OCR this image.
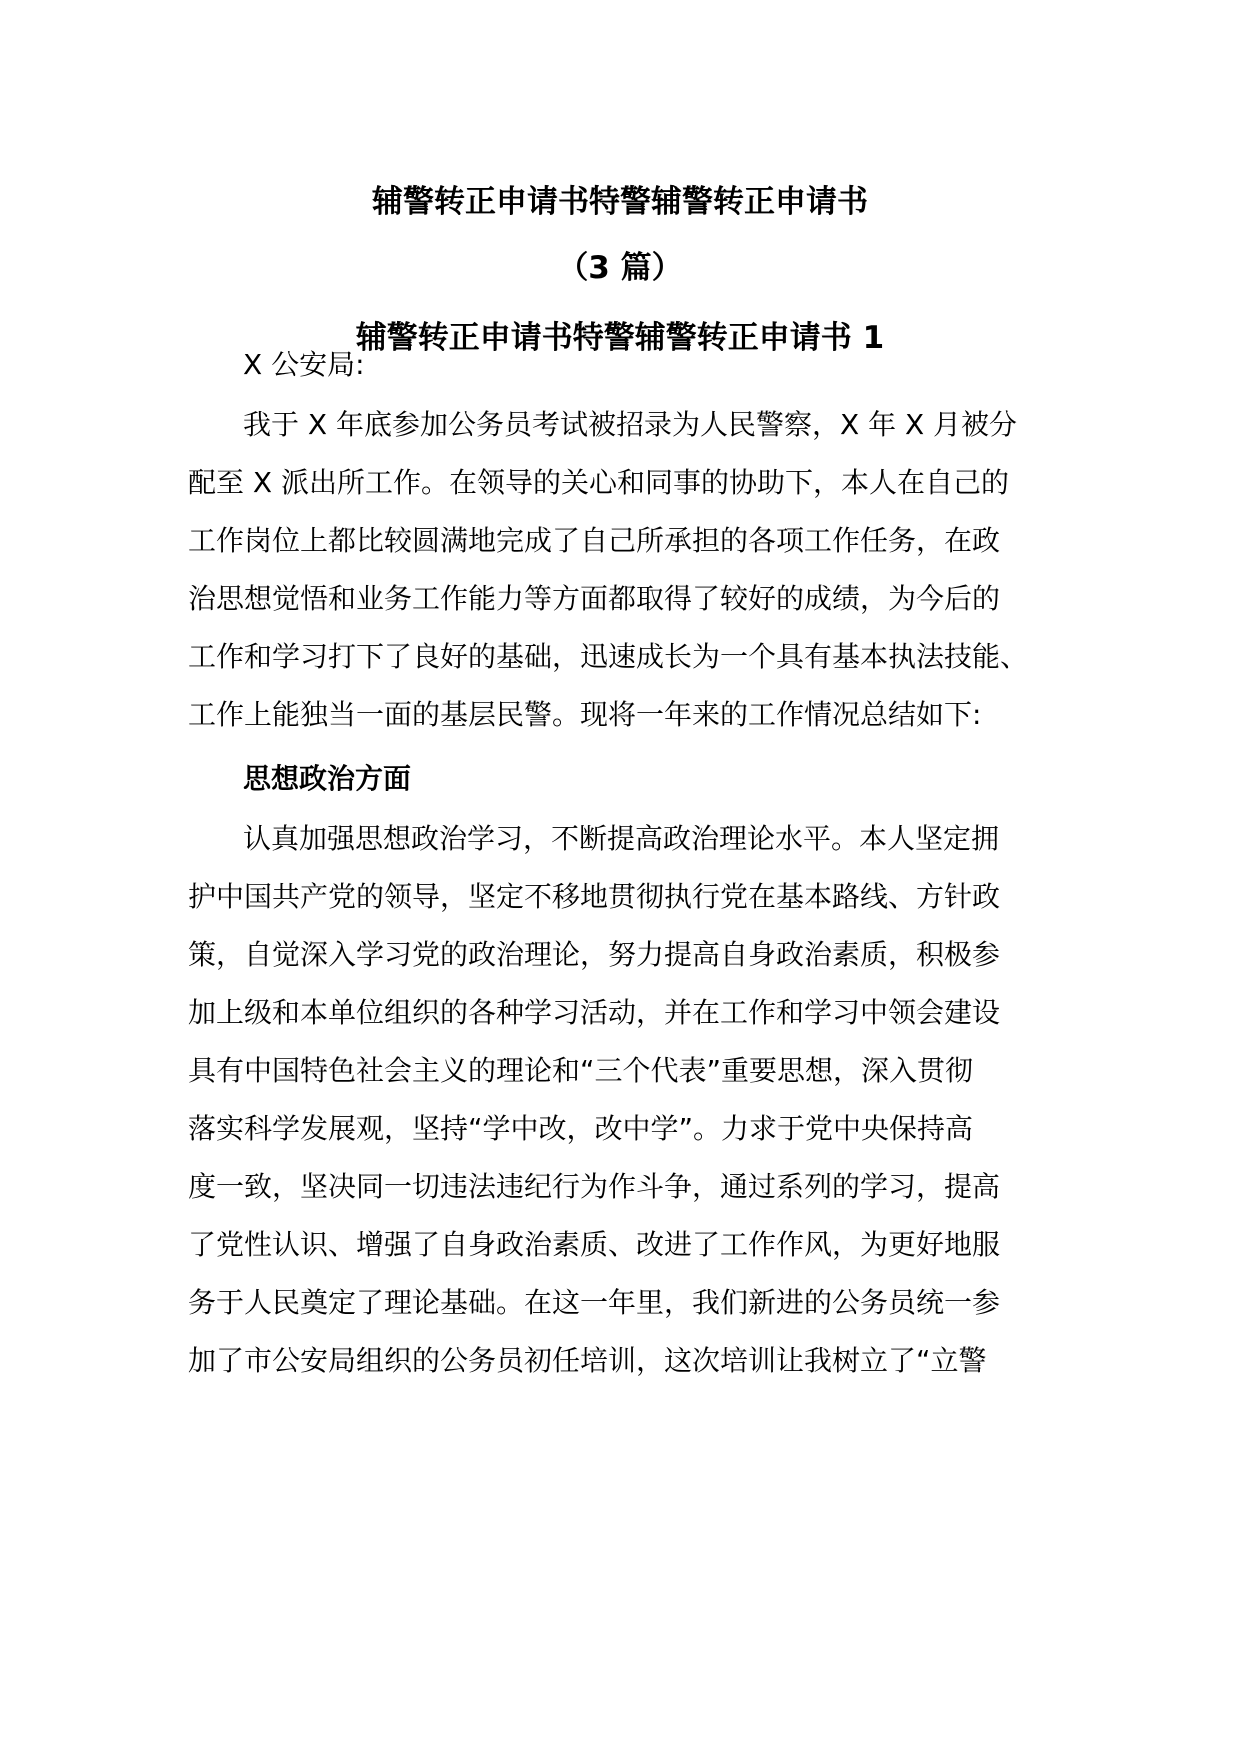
辅警转正申请书特警辅警转正申请书
（3 篇）
辅警转正申请书特警辅警转正申请书 1
X 公安局:
我于 X 年底参加公务员考试被招录为人民警察，X 年 X 月被分
配至 X 派出所工作。在领导的关心和同事的协助下，本人在自己的
工作岗位上都比较圆满地完成了自己所承担的各项工作任务，在政
治思想觉悟和业务工作能力等方面都取得了较好的成绩，为今后的
工作和学习打下了良好的基础，迅速成长为一个具有基本执法技能、
工作上能独当一面的基层民警。现将一年来的工作情况总结如下:
思想政治方面
认真加强思想政治学习，不断提高政治理论水平。本人坚定拥
护中国共产党的领导，坚定不移地贯彻执行党在基本路线、方针政
策，自觉深入学习党的政治理论，努力提高自身政治素质，积极参
加上级和本单位组织的各种学习活动，并在工作和学习中领会建设
具有中国特色社会主义的理论和“三个代表”重要思想，深入贯彻
落实科学发展观，坚持“学中改，改中学”。力求于党中央保持高
度一致，坚决同一切违法违纪行为作斗争，通过系列的学习，提高
了党性认识、增强了自身政治素质、改进了工作作风，为更好地服
务于人民奠定了理论基础。在这一年里，我们新进的公务员统一参
加了市公安局组织的公务员初任培训，这次培训让我树立了“立警
